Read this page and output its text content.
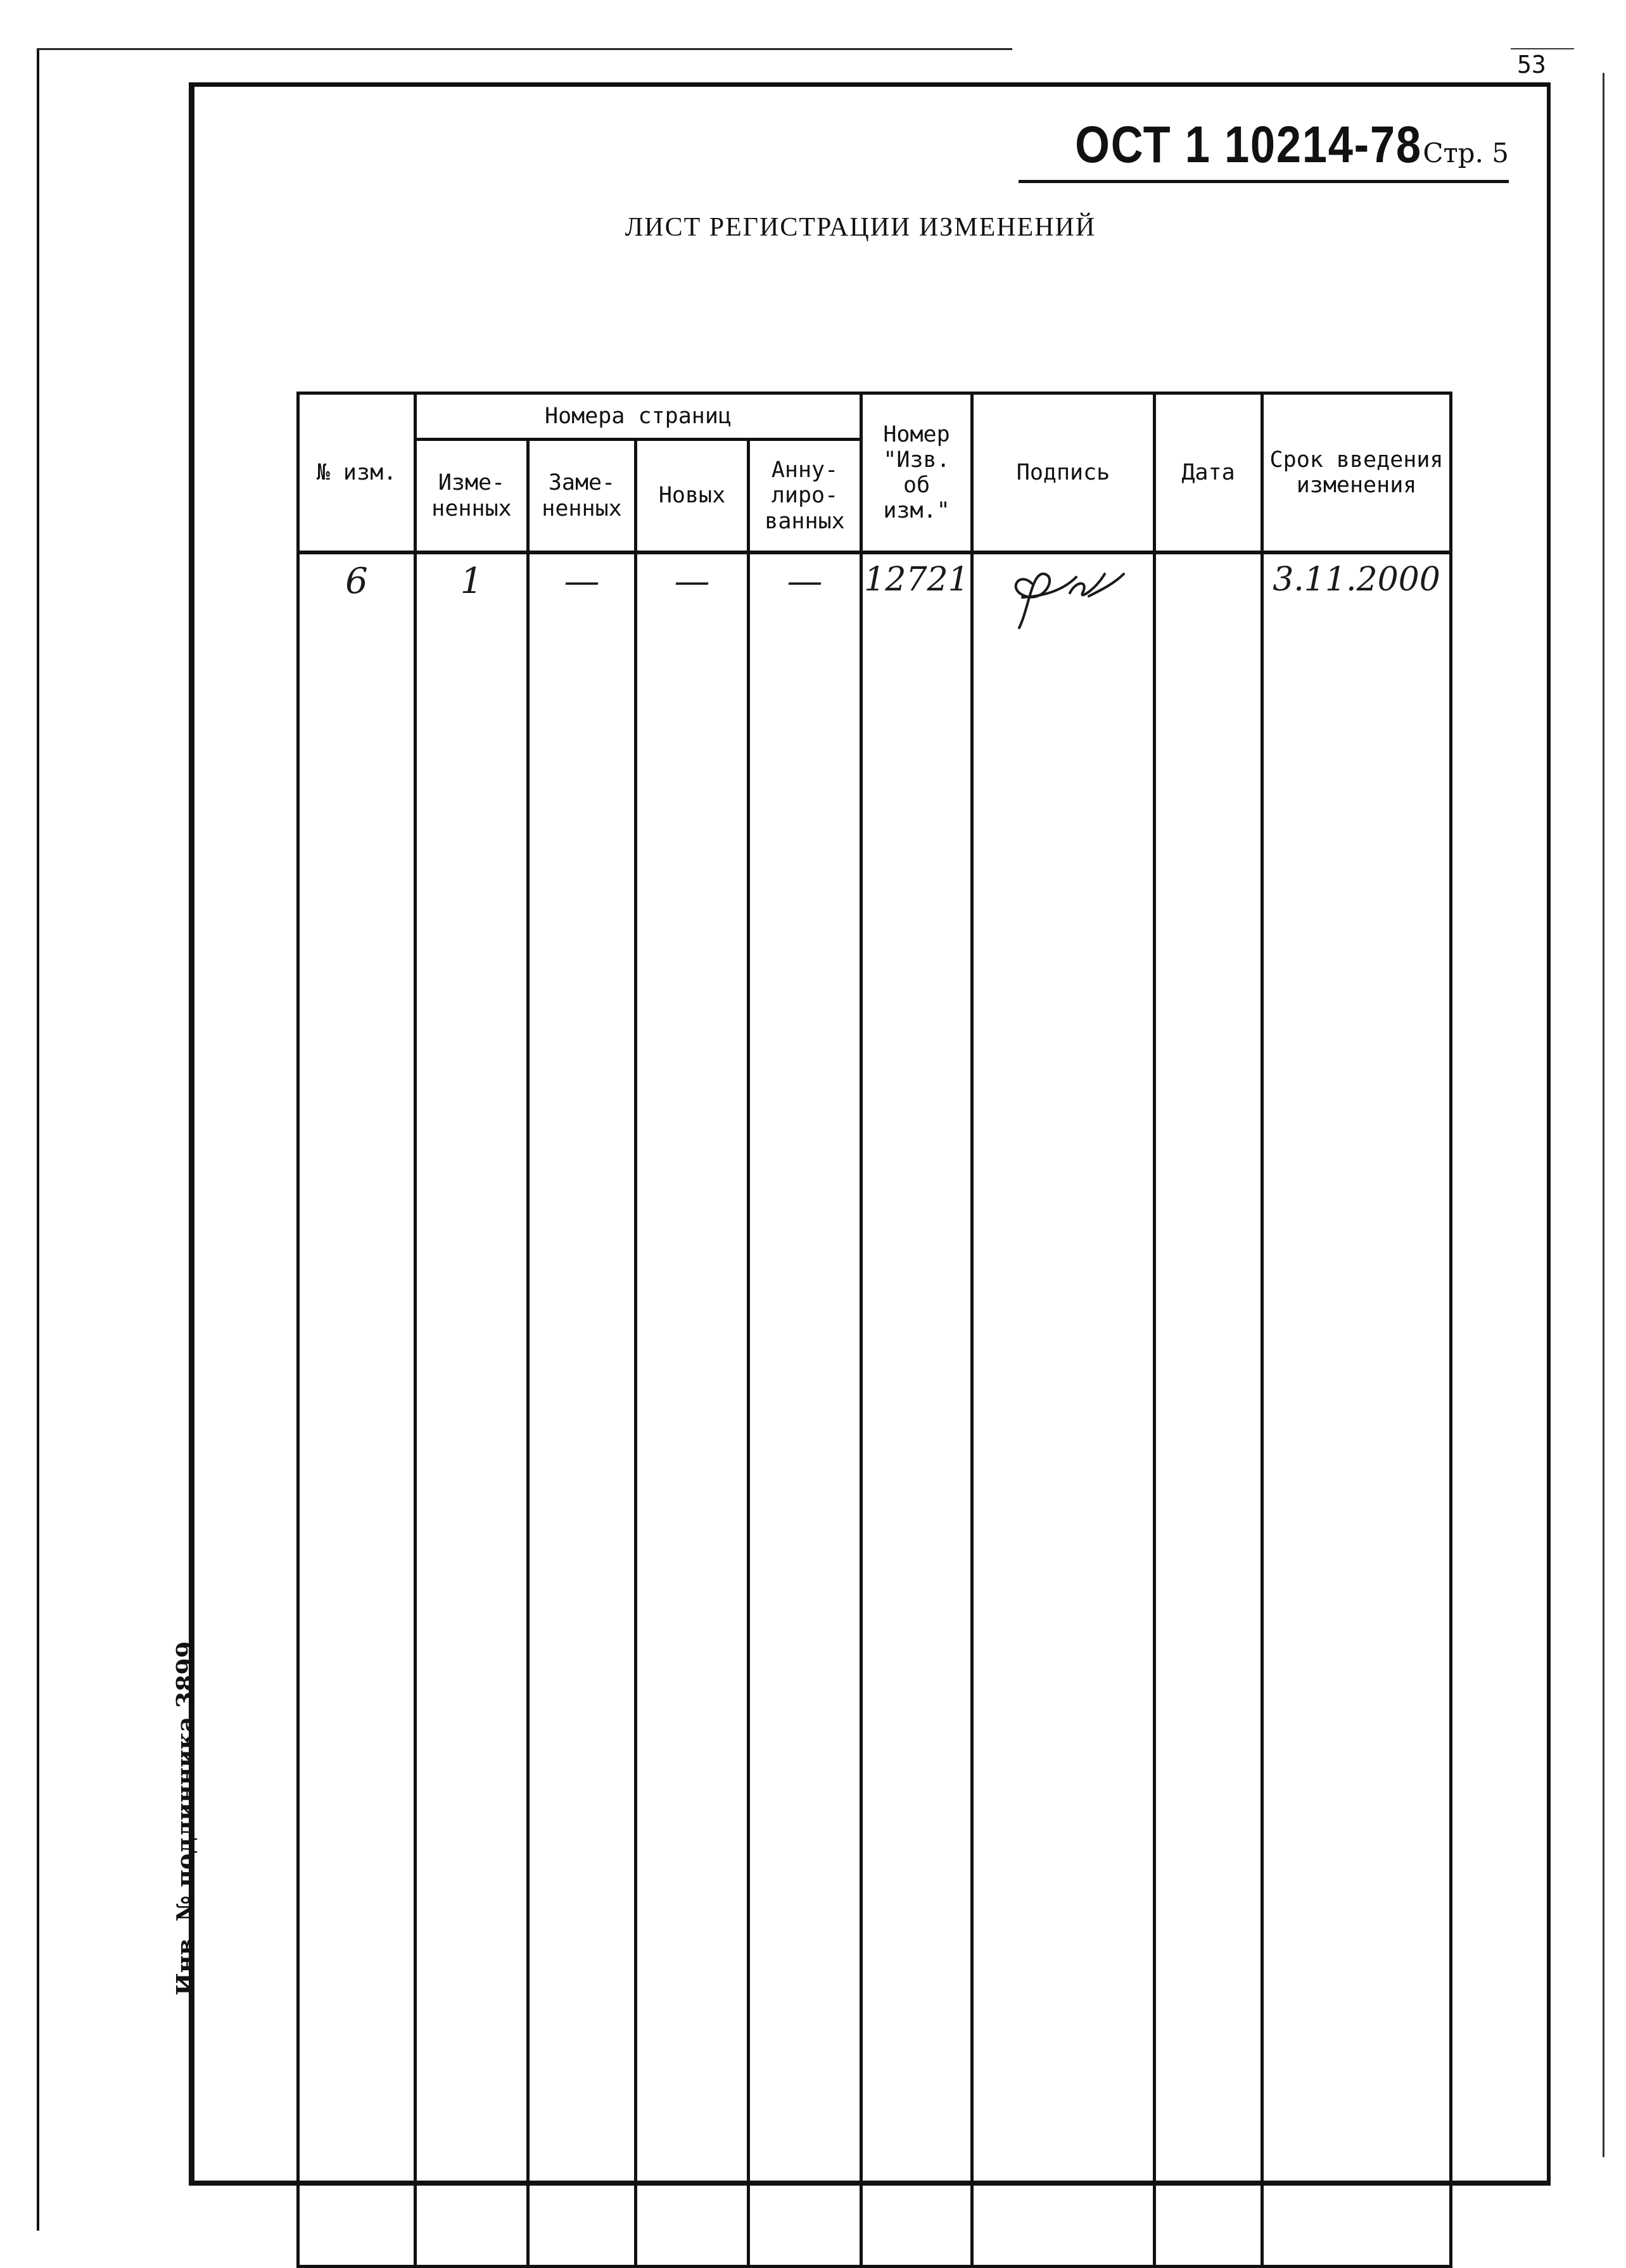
53
ОСТ 1 10214-78 Стр. 5
ЛИСТ РЕГИСТРАЦИИ ИЗМЕНЕНИЙ
Инв. № подлинника 3899
№ изм.	Номера страниц				Номер "Изв. об изм."	Подпись	Дата	Срок введения изменения
	Изме-ненных	Заме-ненных	Новых	Анну-лиро-ванных				

6	1	—	—	—	12721			3.11.2000
